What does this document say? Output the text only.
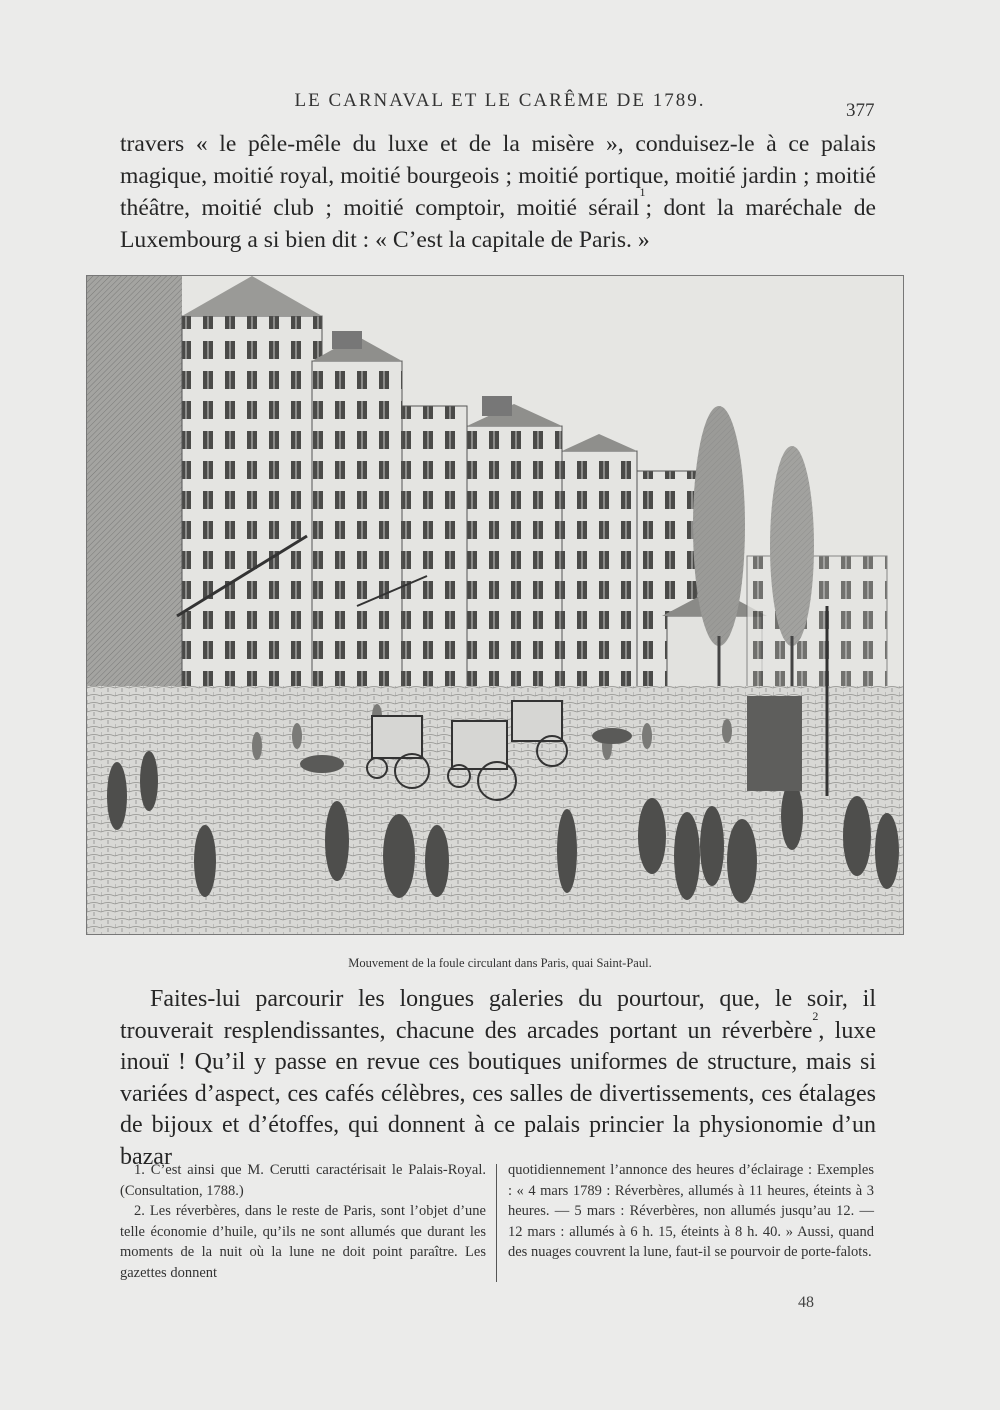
LE CARNAVAL ET LE CARÊME DE 1789.	377

travers « le pêle-mêle du luxe et de la misère », conduisez-le à ce palais magique, moitié royal, moitié bourgeois ; moitié portique, moitié jardin ; moitié théâtre, moitié club ; moitié comptoir, moitié sérail$^1$; dont la maréchale de Luxembourg a si bien dit : « C’est la capitale de Paris. »

Mouvement de la foule circulant dans Paris, quai Saint-Paul.

Faites-lui parcourir les longues galeries du pourtour, que, le soir, il trouverait resplendissantes, chacune des arcades portant un réverbère$^2$, luxe inouï ! Qu’il y passe en revue ces boutiques uniformes de structure, mais si variées d’aspect, ces cafés célèbres, ces salles de divertissements, ces étalages de bijoux et d’étoffes, qui donnent à ce palais princier la physionomie d’un bazar

1. C’est ainsi que M. Cerutti caractérisait le Palais-Royal. (Consultation, 1788.)

2. Les réverbères, dans le reste de Paris, sont l’objet d’une telle économie d’huile, qu’ils ne sont allumés que durant les moments de la nuit où la lune ne doit point paraître. Les gazettes donnent

quotidiennement l’annonce des heures d’éclairage : Exemples : « 4 mars 1789 : Réverbères, allumés à 11 heures, éteints à 3 heures. — 5 mars : Réverbères, non allumés jusqu’au 12. — 12 mars : allumés à 6 h. 15, éteints à 8 h. 40. » Aussi, quand des nuages couvrent la lune, faut-il se pourvoir de porte-falots.

48
